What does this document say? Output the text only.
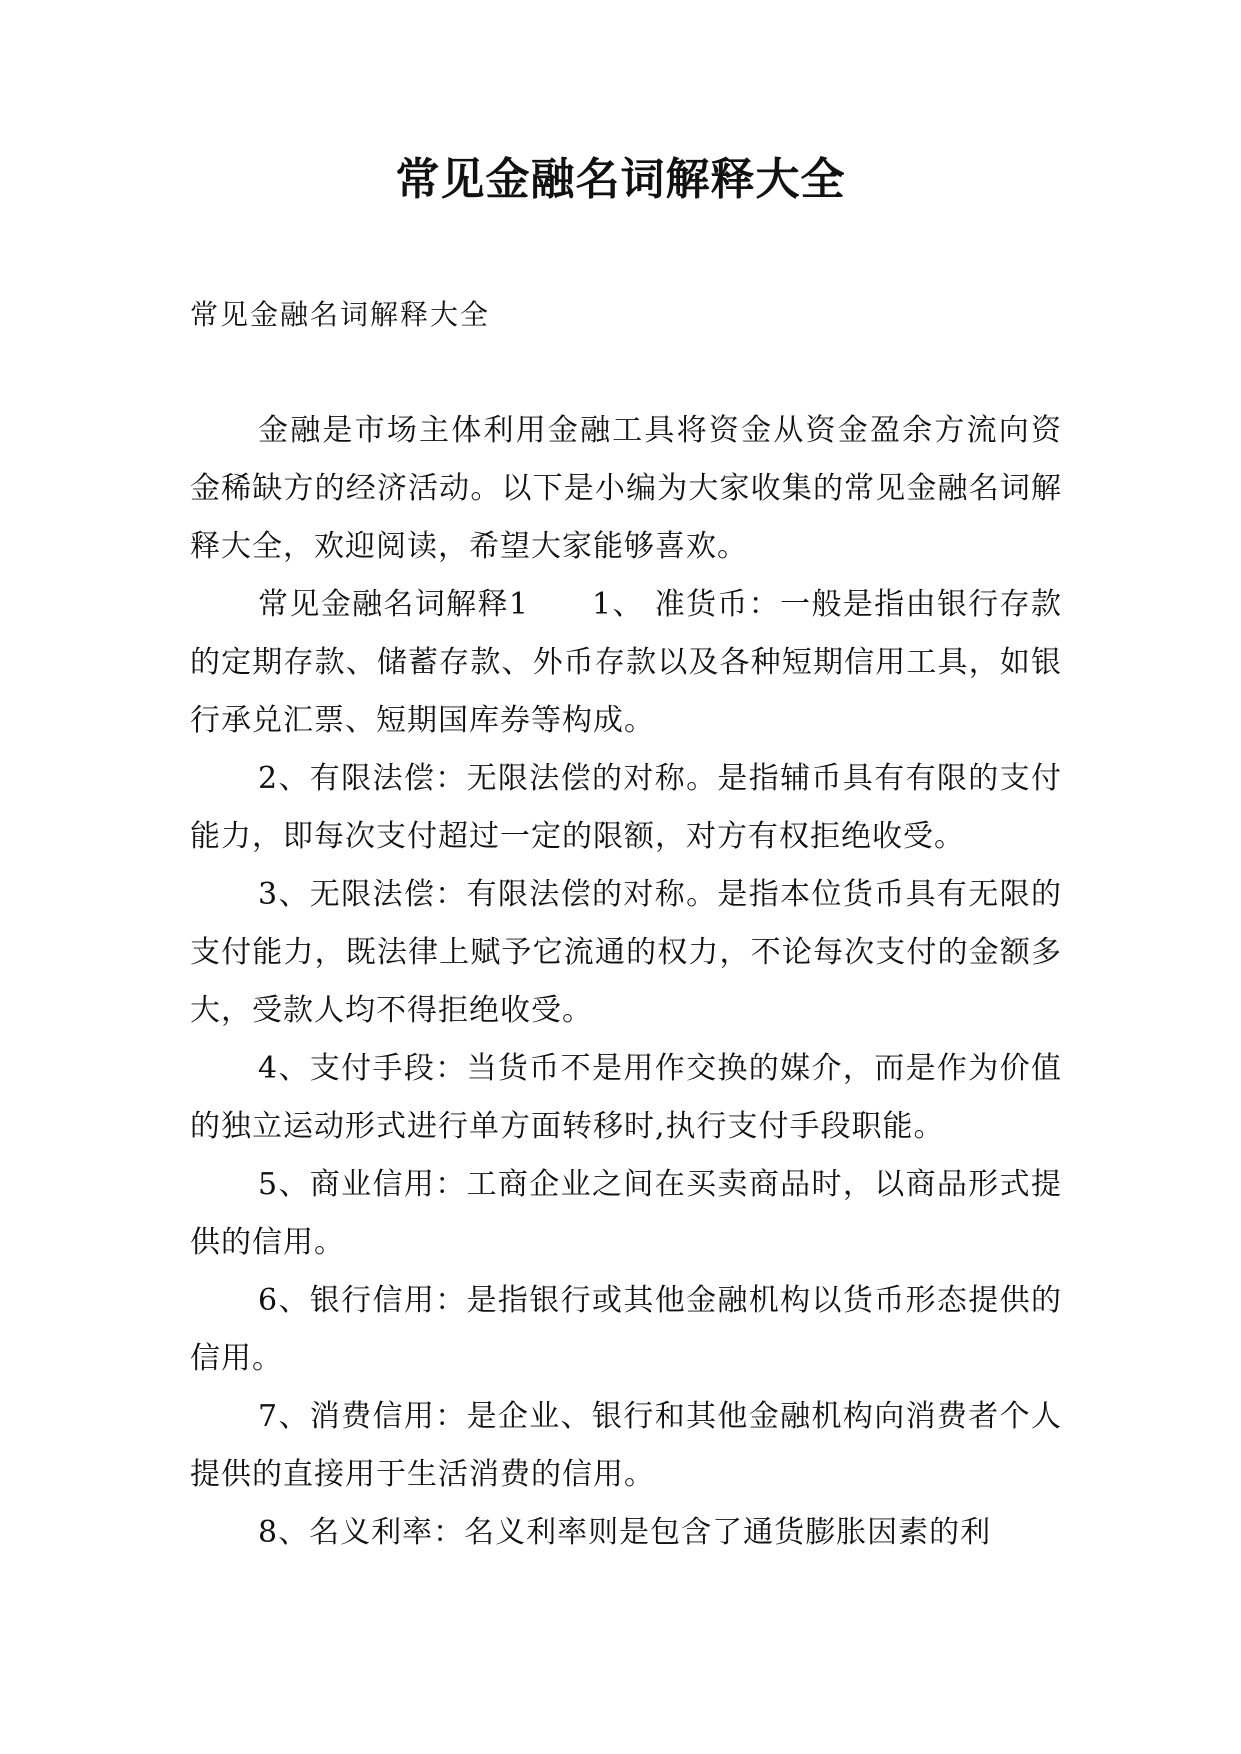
常见金融名词解释大全

常见金融名词解释大全

金融是市场主体利用金融工具将资金从资金盈余方流向资金稀缺方的经济活动。以下是小编为大家收集的常见金融名词解释大全，欢迎阅读，希望大家能够喜欢。

常见金融名词解释1　　1、 准货币：一般是指由银行存款的定期存款、储蓄存款、外币存款以及各种短期信用工具，如银行承兑汇票、短期国库券等构成。

2、有限法偿：无限法偿的对称。是指辅币具有有限的支付能力，即每次支付超过一定的限额，对方有权拒绝收受。

3、无限法偿：有限法偿的对称。是指本位货币具有无限的支付能力，既法律上赋予它流通的权力，不论每次支付的金额多大，受款人均不得拒绝收受。

4、支付手段：当货币不是用作交换的媒介，而是作为价值的独立运动形式进行单方面转移时,执行支付手段职能。

5、商业信用：工商企业之间在买卖商品时，以商品形式提供的信用。

6、银行信用：是指银行或其他金融机构以货币形态提供的信用。

7、消费信用：是企业、银行和其他金融机构向消费者个人提供的直接用于生活消费的信用。

8、名义利率：名义利率则是包含了通货膨胀因素的利
